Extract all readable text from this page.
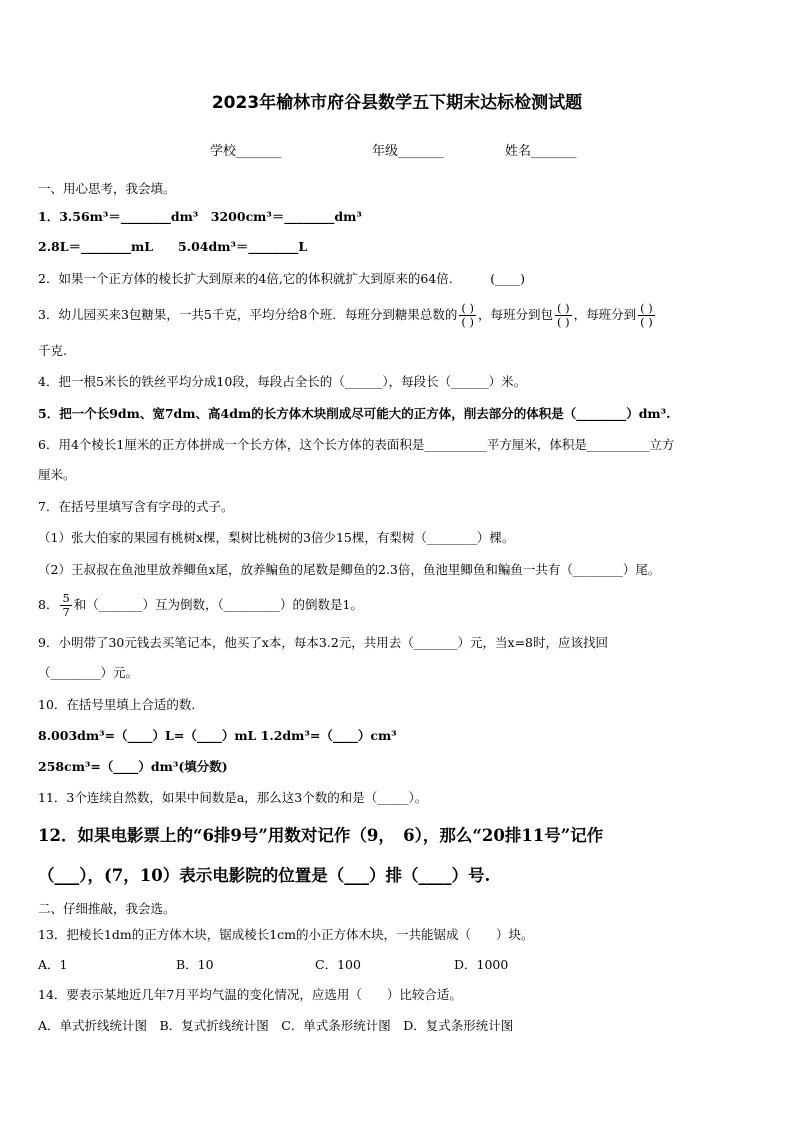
2023年榆林市府谷县数学五下期末达标检测试题
学校_______	年级_______	姓名_______
一、用心思考，我会填。
1．3.56m³＝________dm³　3200cm³＝________dm³
2.8L＝________mL　　5.04dm³＝________L
2．如果一个正方体的棱长扩大到原来的4倍,它的体积就扩大到原来的64倍.　　　(____)
3．幼儿园买来3包糖果，一共5千克，平均分给8个班．每班分到糖果总数的 $\frac{( )}{( )}$ ，每班分到包 $\frac{( )}{( )}$ ，每班分到 $\frac{( )}{( )}$
千克.
4．把一根5米长的铁丝平均分成10段，每段占全长的（______），每段长（______）米。
5．把一个长9dm、宽7dm、高4dm的长方体木块削成尽可能大的正方体，削去部分的体积是（________）dm³.
6．用4个棱长1厘米的正方体拼成一个长方体，这个长方体的表面积是__________平方厘米，体积是__________立方
厘米。
7．在括号里填写含有字母的式子。
（1）张大伯家的果园有桃树x棵，梨树比桃树的3倍少15棵，有梨树（________）棵。
（2）王叔叔在鱼池里放养鲫鱼x尾，放养鳊鱼的尾数是鲫鱼的2.3倍，鱼池里鲫鱼和鳊鱼一共有（________）尾。
8． $\frac{5}{7}$ 和（_______）互为倒数，（_________）的倒数是1。
9．小明带了30元钱去买笔记本，他买了x本，每本3.2元，共用去（_______）元，当x=8时，应该找回
（________）元。
10．在括号里填上合适的数．
8.003dm³=（____）L=（____）mL 1.2dm³=（____）cm³
258cm³=（____）dm³(填分数)
11．3个连续自然数，如果中间数是a，那么这3个数的和是（_____）。
12．如果电影票上的“6排9号”用数对记作（9，　6），那么“20排11号”记作
（___），(7，10）表示电影院的位置是（___）排（____）号.
二、仔细推敲，我会选。
13．把棱长1dm的正方体木块，锯成棱长1cm的小正方体木块，一共能锯成（　　）块。
A．1	B．10	C．100	D．1000
14．要表示某地近几年7月平均气温的变化情况，应选用（　　）比较合适。
A．单式折线统计图　B．复式折线统计图　C．单式条形统计图　D．复式条形统计图
